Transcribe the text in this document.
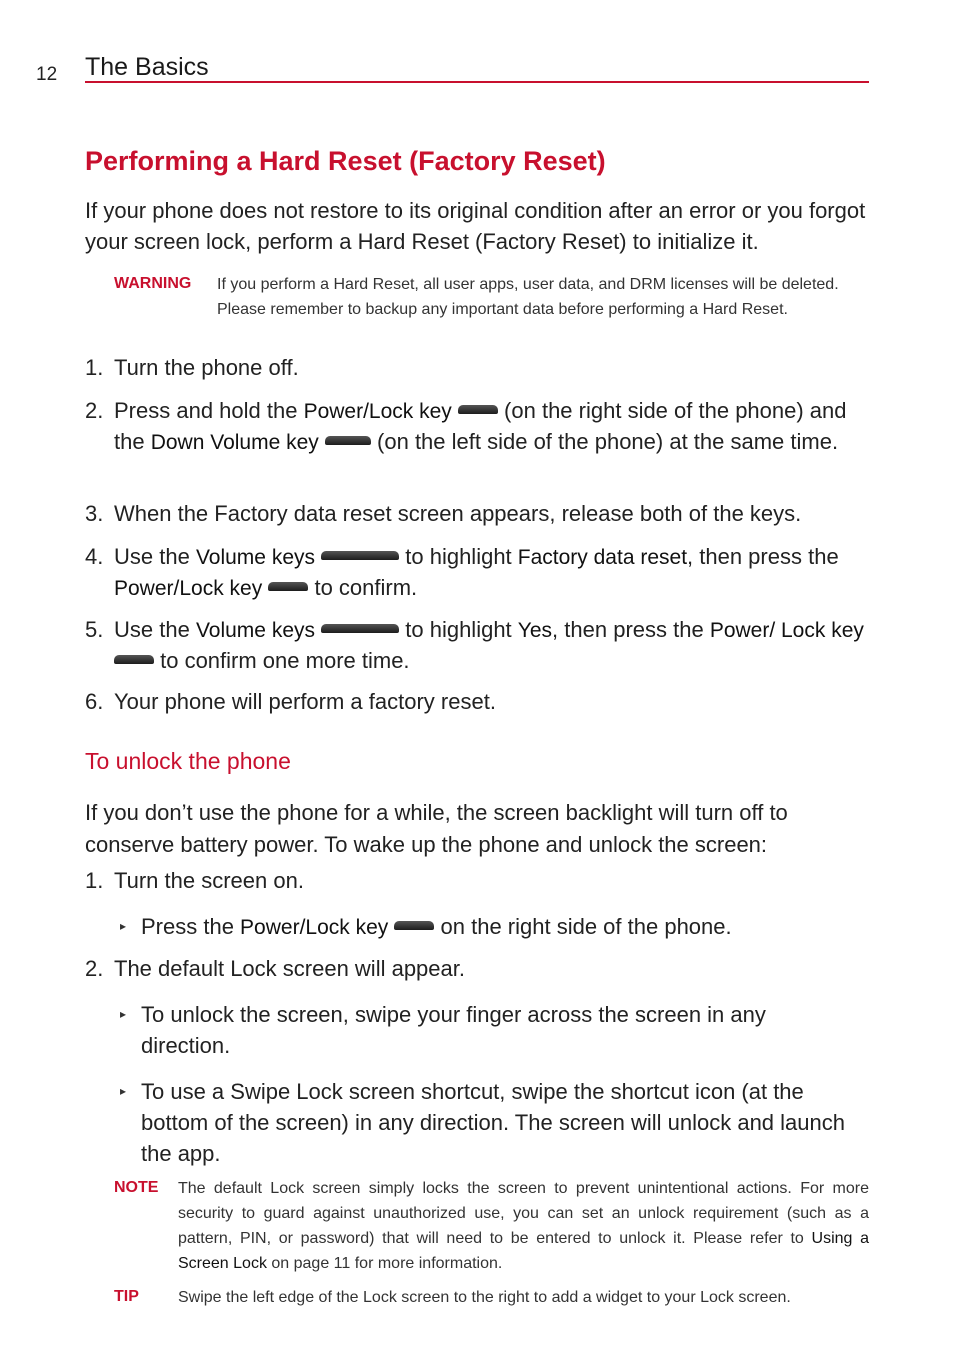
12 The Basics
Performing a Hard Reset (Factory Reset)

If your phone does not restore to its original condition after an error or you forgot your screen lock, perform a Hard Reset (Factory Reset) to initialize it.

WARNING If you perform a Hard Reset, all user apps, user data, and DRM licenses will be deleted. Please remember to backup any important data before performing a Hard Reset.
1. Turn the phone off.
2. Press and hold the Power/Lock key  (on the right side of the phone) and the Down Volume key  (on the left side of the phone) at the same time.
3. When the Factory data reset screen appears, release both of the keys.
4. Use the Volume keys	to highlight Factory data reset, then press the Power/Lock key  to confirm.
5. Use the Volume keys	to highlight Yes, then press the Power/ Lock key  to confirm one more time.
6. Your phone will perform a factory reset.
To unlock the phone

If you don’t use the phone for a while, the screen backlight will turn off to conserve battery power. To wake up the phone and unlock the screen:

1. Turn the screen on.
▸ Press the Power/Lock key  on the right side of the phone.
2. The default Lock screen will appear.
▸ To unlock the screen, swipe your finger across the screen in any direction.
▸ To use a Swipe Lock screen shortcut, swipe the shortcut icon (at the bottom of the screen) in any direction. The screen will unlock and launch the app.
NOTE The default Lock screen simply locks the screen to prevent unintentional actions. For more security to guard against unauthorized use, you can set an unlock requirement (such as a pattern, PIN, or password) that will need to be entered to unlock it. Please refer to Using a Screen Lock on page 11 for more information.
TIP Swipe the left edge of the Lock screen to the right to add a widget to your Lock screen.
